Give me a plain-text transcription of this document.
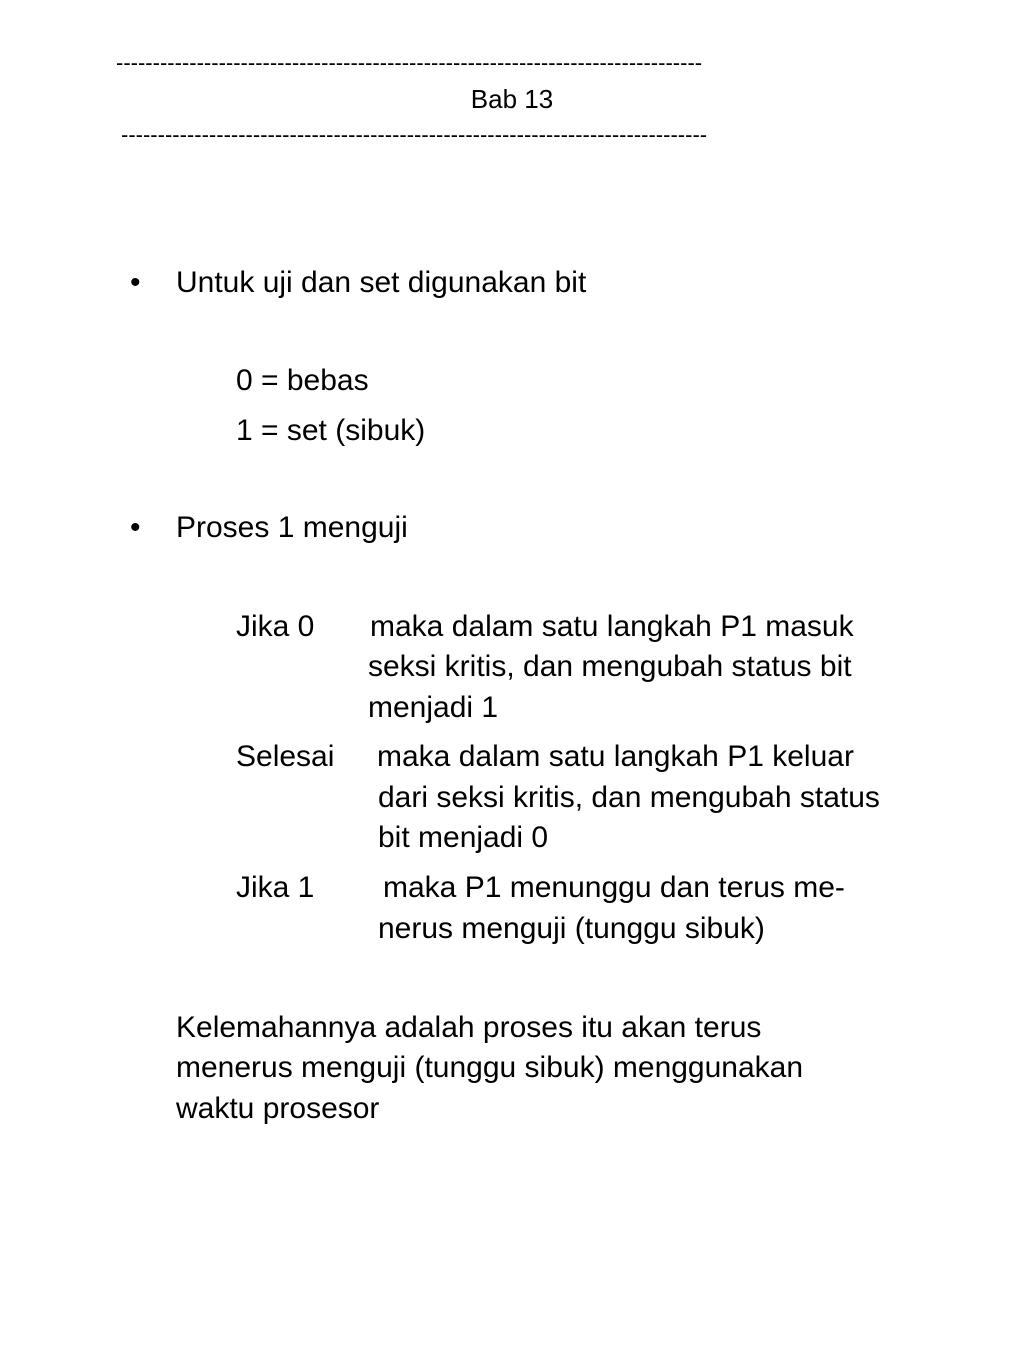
--------------------------------------------------------------------------------
Bab 13
--------------------------------------------------------------------------------
• Untuk uji dan set digunakan bit
0 = bebas
1 = set (sibuk)
• Proses 1 menguji
Jika 0 maka dalam satu langkah P1 masuk
seksi kritis, dan mengubah status bit
menjadi 1
Selesai maka dalam satu langkah P1 keluar
dari seksi kritis, dan mengubah status
bit menjadi 0
Jika 1 maka P1 menunggu dan terus me-
nerus menguji (tunggu sibuk)
Kelemahannya adalah proses itu akan terus
menerus menguji (tunggu sibuk) menggunakan
waktu prosesor
